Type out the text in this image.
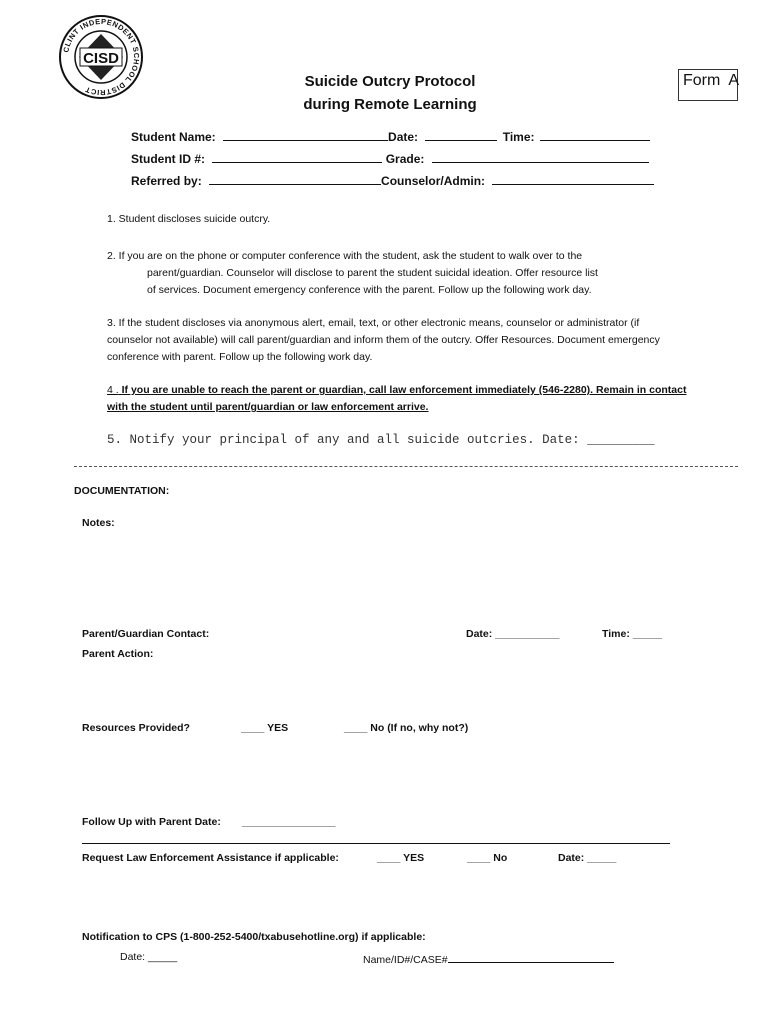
CLINT INDEPENDENT SCHOOL DISTRICT
CISD
Suicide Outcry Protocol
during Remote Learning
Form  A
Student Name:	Date:	Time:
Student ID #:	Grade:
Referred by:	Counselor/Admin:
1. Student discloses suicide outcry.
2. If you are on the phone or computer conference with the student, ask the student to walk over to the
parent/guardian. Counselor will disclose to parent the student suicidal ideation. Offer resource list
of services. Document emergency conference with the parent. Follow up the following work day.
3. If the student discloses via anonymous alert, email, text, or other electronic means, counselor or administrator (if
counselor not available) will call parent/guardian and inform them of the outcry. Offer Resources. Document emergency
conference with parent. Follow up the following work day.
4 . If you are unable to reach the parent or guardian, call law enforcement immediately (546-2280). Remain in contact
with the student until parent/guardian or law enforcement arrive.
5. Notify your principal of any and all suicide outcries. Date: _________
DOCUMENTATION:
Notes:
Parent/Guardian Contact:	Date: ___________	Time: _____
Parent Action:
Resources Provided?	____ YES	____ No (If no, why not?)
Follow Up with Parent Date: ________________
Request Law Enforcement Assistance if applicable:	____ YES	____ No	Date: _____
Notification to CPS (1-800-252-5400/txabusehotline.org) if applicable:
Date: _____	Name/ID#/CASE#
